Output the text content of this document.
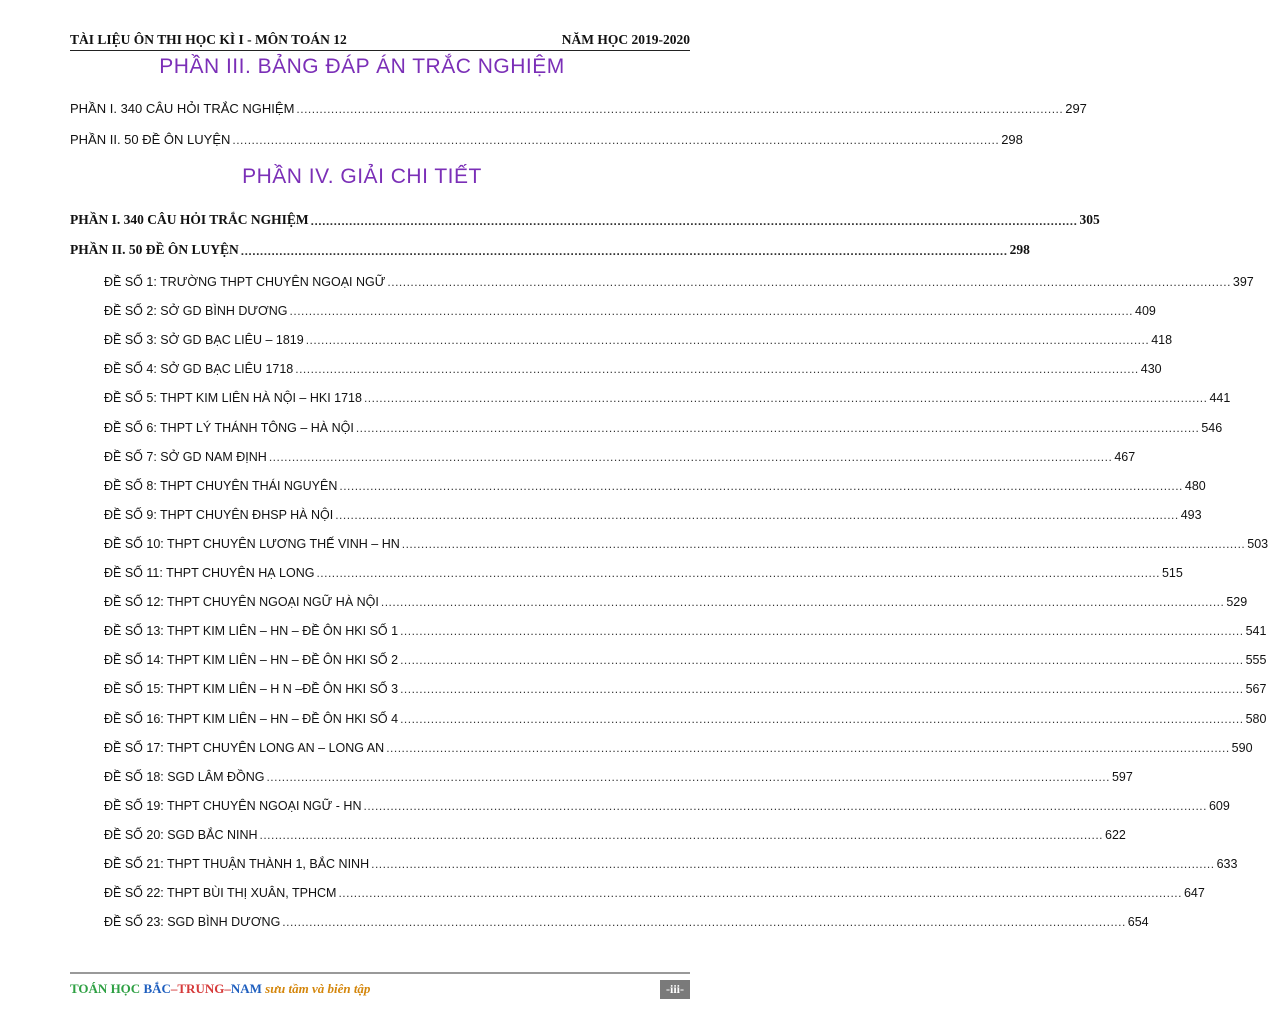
TÀI LIỆU ÔN THI HỌC KÌ I - MÔN TOÁN 12	NĂM HỌC 2019-2020
PHẦN III. BẢNG ĐÁP ÁN TRẮC NGHIỆM
PHẦN I. 340 CÂU HỎI TRẮC NGHIỆM ........................................................................................................................................................................................................ 297
PHẦN II. 50 ĐỀ ÔN LUYỆN ........................................................................................................................................................................................................ 298
PHẦN IV. GIẢI CHI TIẾT
PHẦN I. 340 CÂU HỎI TRẮC NGHIỆM ........................................................................................................................................................................................................ 305
PHẦN II. 50 ĐỀ ÔN LUYỆN ........................................................................................................................................................................................................ 298
ĐỀ SỐ 1: TRƯỜNG THPT CHUYÊN NGOẠI NGỮ ............................................................................................................................................................................................................................ 397
ĐỀ SỐ 2: SỞ GD BÌNH DƯƠNG ............................................................................................................................................................................................................................ 409
ĐỀ SỐ 3: SỞ GD BẠC LIÊU – 1819 ............................................................................................................................................................................................................................ 418
ĐỀ SỐ 4: SỞ GD BẠC LIÊU 1718 ............................................................................................................................................................................................................................ 430
ĐỀ SỐ 5: THPT KIM LIÊN HÀ NỘI – HKI 1718 ............................................................................................................................................................................................................................ 441
ĐỀ SỐ 6: THPT LÝ THÁNH TÔNG – HÀ NỘI ............................................................................................................................................................................................................................ 546
ĐỀ SỐ 7: SỞ GD NAM ĐỊNH ............................................................................................................................................................................................................................ 467
ĐỀ SỐ 8: THPT CHUYÊN THÁI NGUYÊN ............................................................................................................................................................................................................................ 480
ĐỀ SỐ 9: THPT CHUYÊN ĐHSP HÀ NỘI ............................................................................................................................................................................................................................ 493
ĐỀ SỐ 10: THPT CHUYÊN LƯƠNG THẾ VINH – HN ............................................................................................................................................................................................................................ 503
ĐỀ SỐ 11: THPT CHUYÊN HẠ LONG ............................................................................................................................................................................................................................ 515
ĐỀ SỐ 12: THPT CHUYÊN NGOẠI NGỮ HÀ NỘI ............................................................................................................................................................................................................................ 529
ĐỀ SỐ 13: THPT KIM LIÊN – HN – ĐỀ ÔN HKI SỐ 1 ............................................................................................................................................................................................................................ 541
ĐỀ SỐ 14: THPT KIM LIÊN – HN – ĐỀ ÔN HKI SỐ 2 ............................................................................................................................................................................................................................ 555
ĐỀ SỐ 15: THPT KIM LIÊN – H N –ĐỀ ÔN HKI SỐ 3 ............................................................................................................................................................................................................................ 567
ĐỀ SỐ 16: THPT KIM LIÊN – HN – ĐỀ ÔN HKI SỐ 4 ............................................................................................................................................................................................................................ 580
ĐỀ SỐ 17: THPT CHUYÊN LONG AN – LONG AN ............................................................................................................................................................................................................................ 590
ĐỀ SỐ 18: SGD LÂM ĐỒNG ............................................................................................................................................................................................................................ 597
ĐỀ SỐ 19: THPT CHUYÊN NGOẠI NGỮ - HN ............................................................................................................................................................................................................................ 609
ĐỀ SỐ 20: SGD BẮC NINH ............................................................................................................................................................................................................................ 622
ĐỀ SỐ 21: THPT THUẬN THÀNH 1, BẮC NINH ............................................................................................................................................................................................................................ 633
ĐỀ SỐ 22: THPT BÙI THỊ XUÂN, TPHCM ............................................................................................................................................................................................................................ 647
ĐỀ SỐ 23: SGD BÌNH DƯƠNG ............................................................................................................................................................................................................................ 654
TOÁN HỌC BẮC–TRUNG–NAM sưu tầm và biên tập	-iii-
